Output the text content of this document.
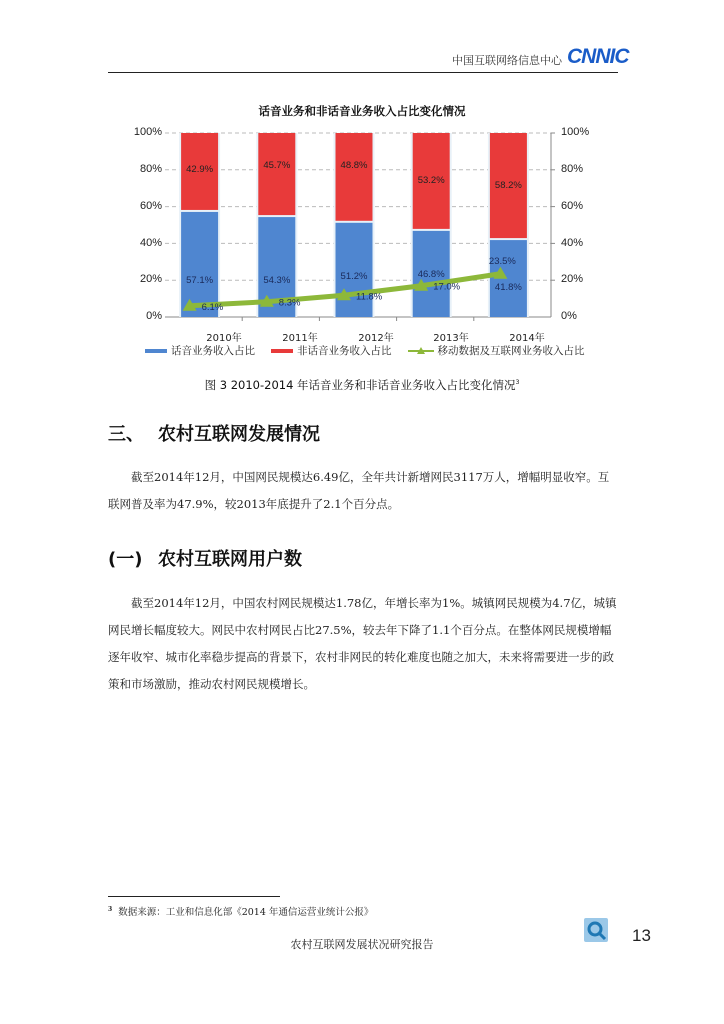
中国互联网络信息中心 CNNIC
话音业务和非话音业务收入占比变化情况
100%
80%
60%
40%
20%
0%
100%
80%
60%
40%
20%
0%
42.9%
57.1%
45.7%
54.3%
48.8%
51.2%
53.2%
46.8%
58.2%
41.8%
6.1%	8.3%
11.8%
17.0%
23.5%
2010年	2011年	2012年	2013年	2014年
话音业务收入占比	非话音业务收入占比	移动数据及互联网业务收入占比
图 3 2010-2014 年话音业务和非话音业务收入占比变化情况$^3$
三、 农村互联网发展情况
截至2014年12月，中国网民规模达6.49亿，全年共计新增网民3117万人，增幅明显收窄。互联网普及率为47.9%，较2013年底提升了2.1个百分点。
(一) 农村互联网用户数
截至2014年12月，中国农村网民规模达1.78亿，年增长率为1%。城镇网民规模为4.7亿，城镇网民增长幅度较大。网民中农村网民占比27.5%，较去年下降了1.1个百分点。在整体网民规模增幅逐年收窄、城市化率稳步提高的背景下，农村非网民的转化难度也随之加大，未来将需要进一步的政策和市场激励，推动农村网民规模增长。
$^3$ 数据来源：工业和信息化部《2014 年通信运营业统计公报》
农村互联网发展状况研究报告	13
